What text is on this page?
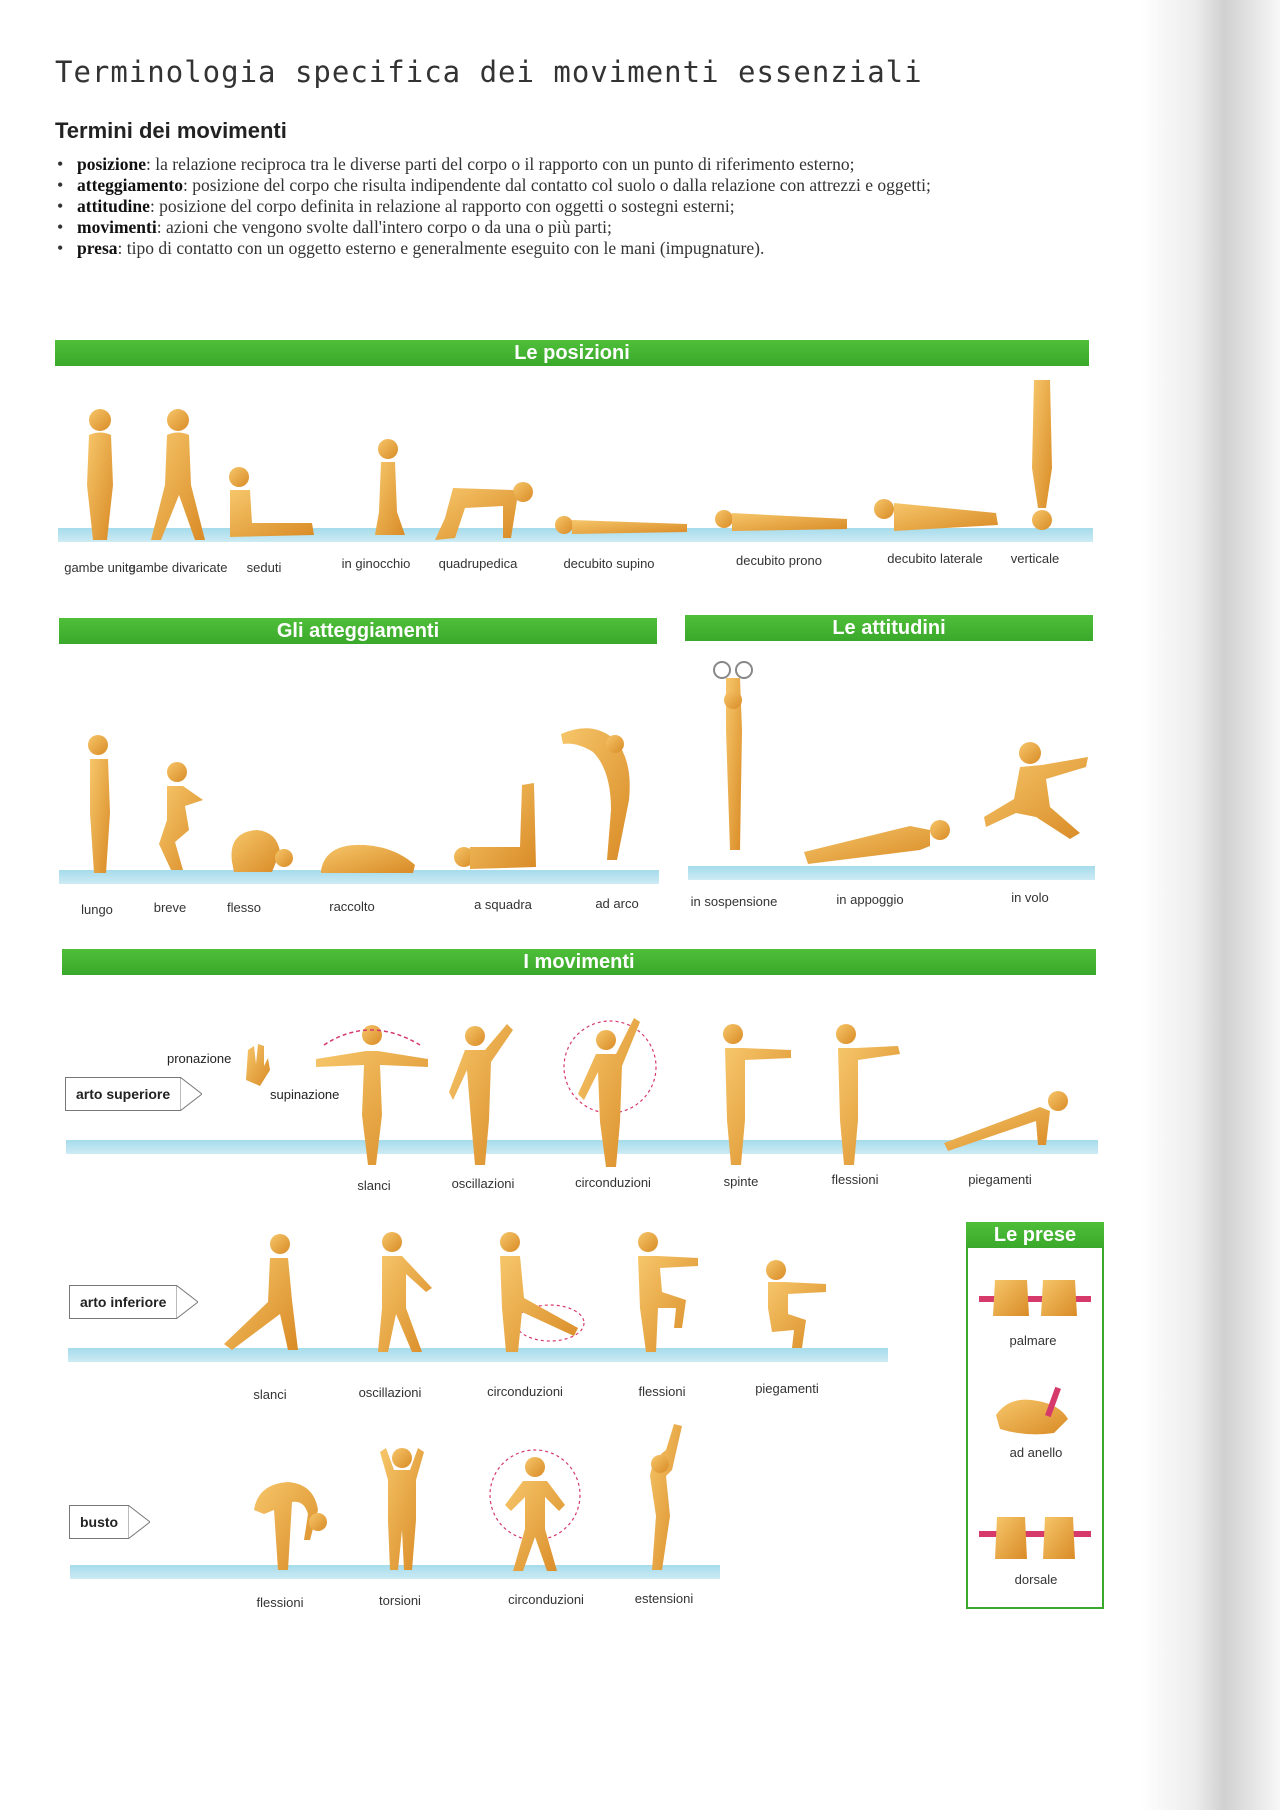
Terminologia specifica dei movimenti essenziali
Termini dei movimenti
• posizione: la relazione reciproca tra le diverse parti del corpo o il rapporto con un punto di riferimento esterno;
• atteggiamento: posizione del corpo che risulta indipendente dal contatto col suolo o dalla relazione con attrezzi e oggetti;
• attitudine: posizione del corpo definita in relazione al rapporto con oggetti o sostegni esterni;
• movimenti: azioni che vengono svolte dall'intero corpo o da una o più parti;
• presa: tipo di contatto con un oggetto esterno e generalmente eseguito con le mani (impugnature).
Le posizioni
gambe unite
gambe divaricate	seduti	in ginocchio	quadrupedica	decubito supino	decubito prono	decubito laterale	verticale
Gli atteggiamenti
lungo	breve	flesso	raccolto	a squadra	ad arco
Le attitudini
in sospensione	in appoggio	in volo
I movimenti
arto superiore
pronazione
supinazione
slanci	oscillazioni	circonduzioni	spinte	flessioni	piegamenti
arto inferiore
slanci	oscillazioni	circonduzioni	flessioni	piegamenti
busto
flessioni	torsioni	circonduzioni	estensioni
Le prese
palmare
ad anello
dorsale
